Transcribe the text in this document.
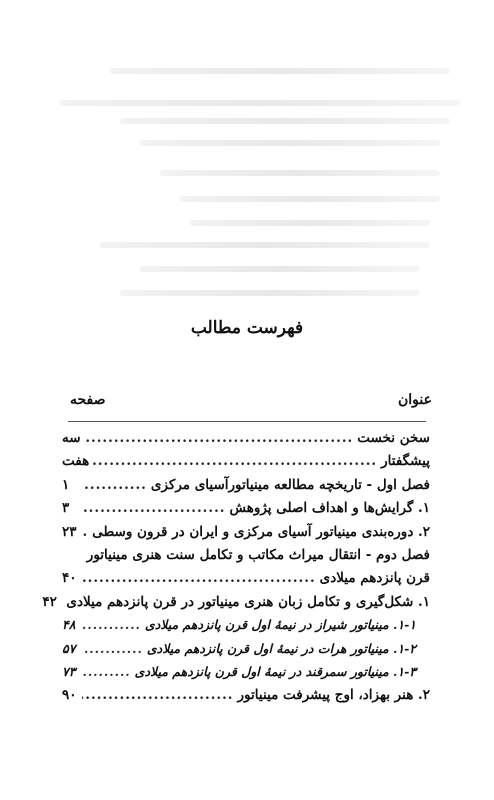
فهرست مطالب
عنوان
صفحه
سخن نخست
.....
سه
پیشگفتار
.....
هفت
فصل اول - تاریخچه مطالعه مینیاتورآسیای مرکزی
.....
۱
۱. گرایش‌ها و اهداف اصلی پژوهش
.....
۳
۲. دوره‌بندی مینیاتور آسیای مرکزی و ایران در قرون وسطی
.....
۲۳
فصل دوم - انتقال میراث مکاتب و تکامل سنت هنری مینیاتور
قرن پانزدهم میلادی
.....
۴۰
۱. شکل‌گیری و تکامل زبان هنری مینیاتور در قرن پانزدهم میلادی
۴۲
۱-۱. مینیاتور شیراز در نیمهٔ اول قرن پانزدهم میلادی
.....
۴۸
۱-۲. مینیاتور هرات در نیمهٔ اول قرن پانزدهم میلادی
.....
۵۷
۱-۳. مینیاتور سمرقند در نیمهٔ اول قرن پانزدهم میلادی
.....
۷۳
۲. هنر بهزاد، اوج پیشرفت مینیاتور
.....
۹۰
